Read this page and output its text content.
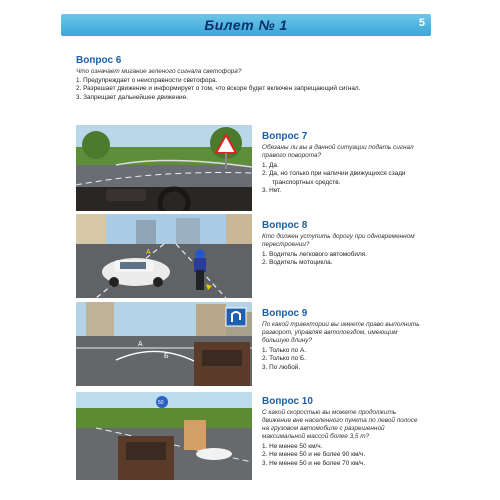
Билет № 1	5
Вопрос 6
Что означает мигание зеленого сигнала светофора?
1. Предупреждает о неисправности светофора.
2. Разрешает движение и информирует о том, что вскоре будет включен запрещающий сигнал.
3. Запрещает дальнейшее движение.
Вопрос 7
Обязаны ли вы в данной ситуации подать сигнал правого поворота?
1. Да.
2. Да, но только при наличии движущихся сзади транспортных средств.
3. Нет.
А
Вопрос 8
Кто должен уступить дорогу при одновременном перестроении?
1. Водитель легкового автомобиля.
2. Водитель мотоцикла.
А
Б
Вопрос 9
По какой траектории вы имеете право выполнить разворот, управляя автопоездом, имеющим большую длину?
1. Только по А.
2. Только по Б.
3. По любой.
50	Вопрос 10
С какой скоростью вы можете продолжить движение вне населенного пункта по левой полосе на грузовом автомобиле с разрешенной максимальной массой более 3,5 т?
1. Не менее 50 км/ч.
2. Не менее 50 и не более 90 км/ч.
3. Не менее 50 и не более 70 км/ч.
